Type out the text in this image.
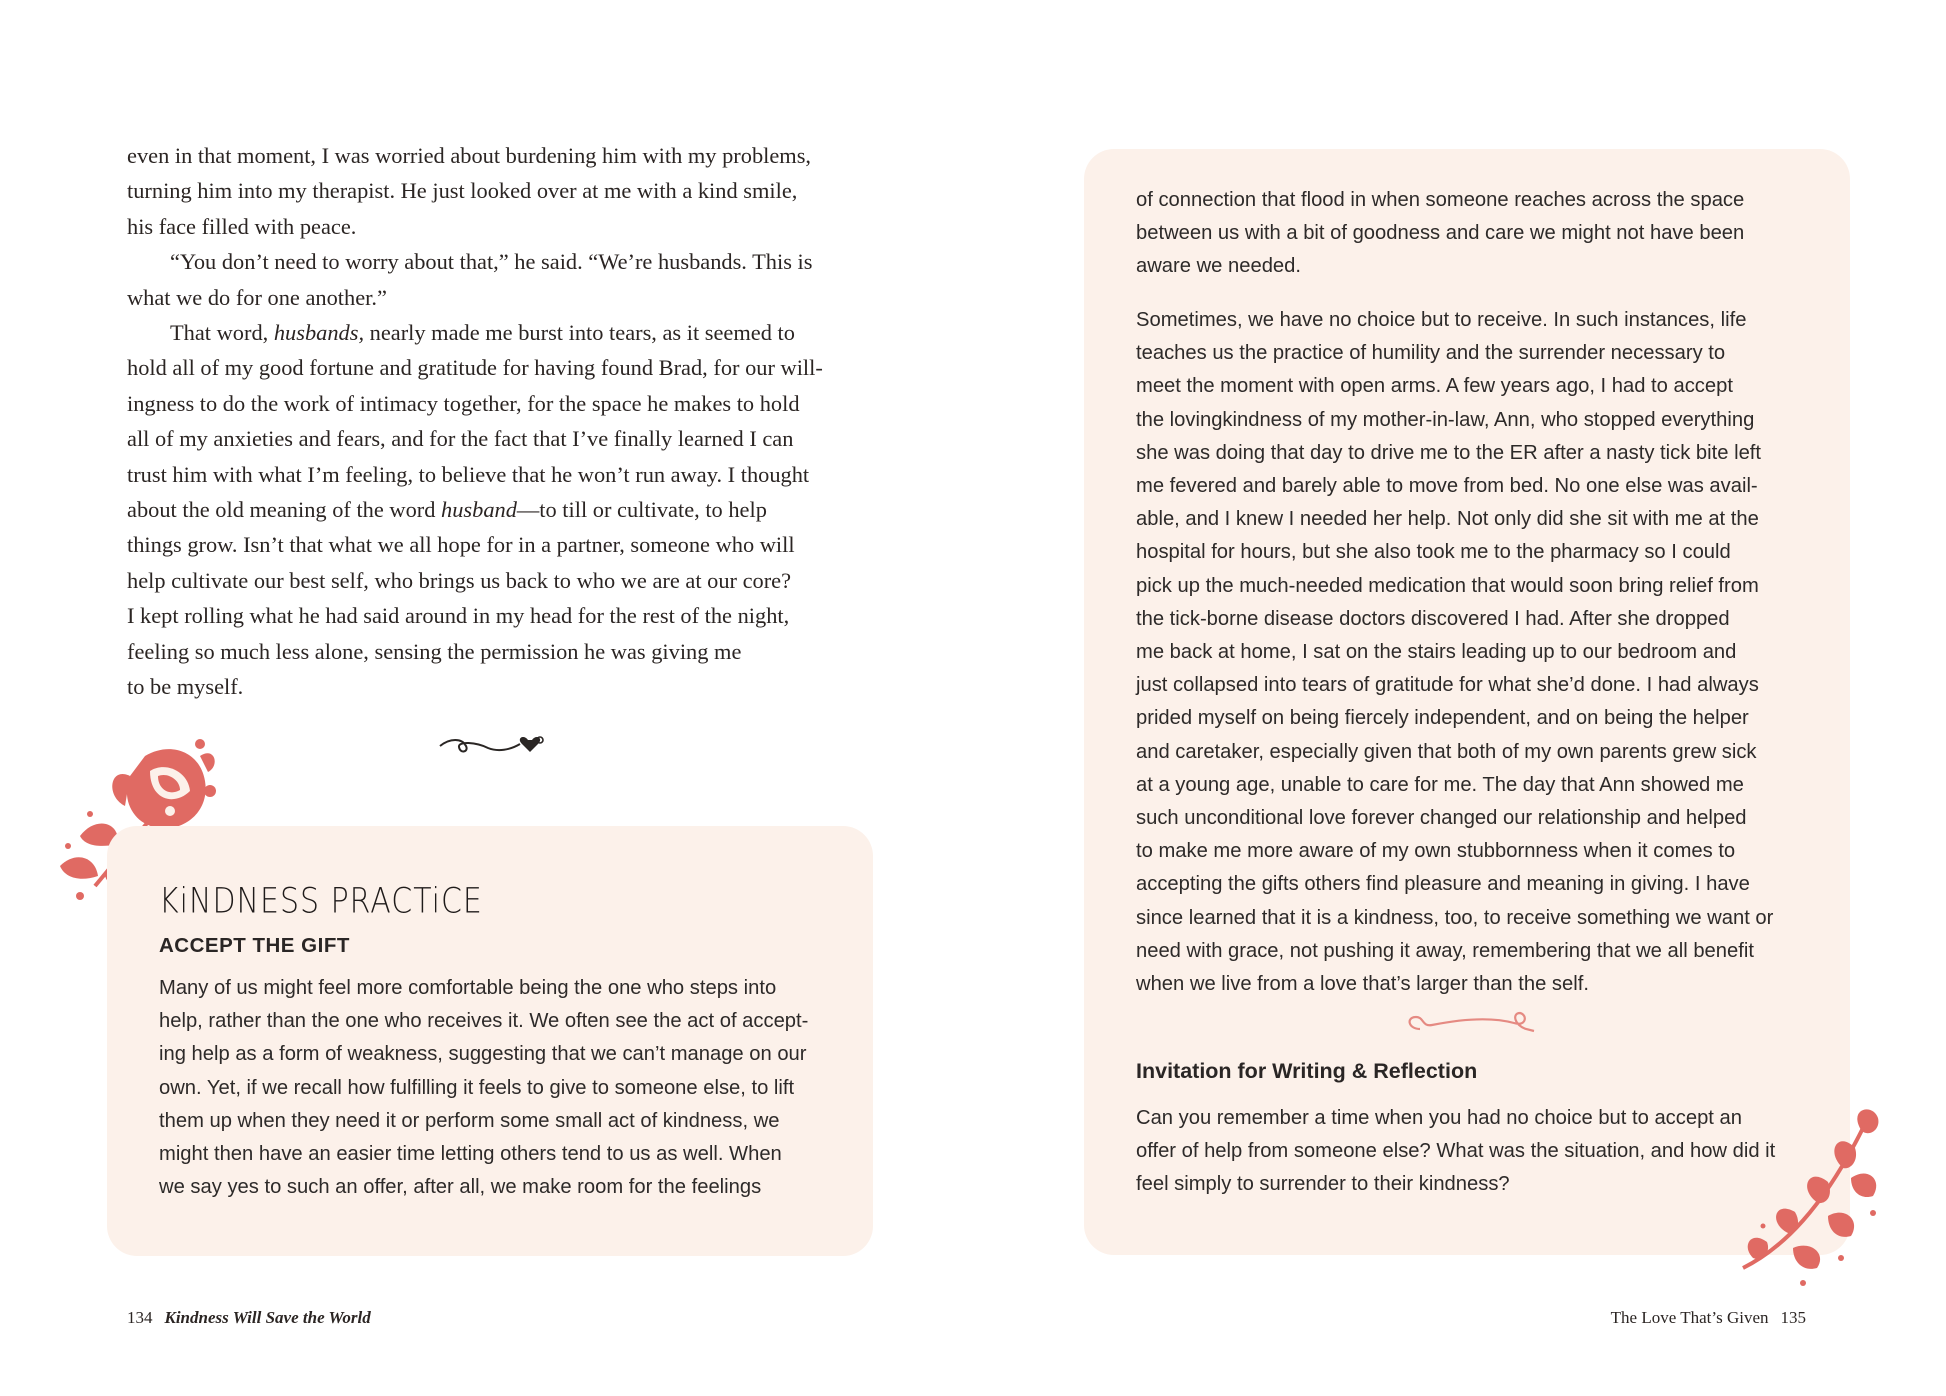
even in that moment, I was worried about burdening him with my problems,
turning him into my therapist. He just looked over at me with a kind smile,
his face filled with peace.
“You don’t need to worry about that,” he said. “We’re husbands. This is
what we do for one another.”
That word, husbands, nearly made me burst into tears, as it seemed to
hold all of my good fortune and gratitude for having found Brad, for our will-
ingness to do the work of intimacy together, for the space he makes to hold
all of my anxieties and fears, and for the fact that I’ve finally learned I can
trust him with what I’m feeling, to believe that he won’t run away. I thought
about the old meaning of the word husband—to till or cultivate, to help
things grow. Isn’t that what we all hope for in a partner, someone who will
help cultivate our best self, who brings us back to who we are at our core?
I kept rolling what he had said around in my head for the rest of the night,
feeling so much less alone, sensing the permission he was giving me
to be myself.
KiNDNESS PRACTiCE
ACCEPT THE GIFT
Many of us might feel more comfortable being the one who steps into
help, rather than the one who receives it. We often see the act of accept-
ing help as a form of weakness, suggesting that we can’t manage on our
own. Yet, if we recall how fulfilling it feels to give to someone else, to lift
them up when they need it or perform some small act of kindness, we
might then have an easier time letting others tend to us as well. When
we say yes to such an offer, after all, we make room for the feelings
134 Kindness Will Save the World
of connection that flood in when someone reaches across the space
between us with a bit of goodness and care we might not have been
aware we needed.
Sometimes, we have no choice but to receive. In such instances, life
teaches us the practice of humility and the surrender necessary to
meet the moment with open arms. A few years ago, I had to accept
the lovingkindness of my mother-in-law, Ann, who stopped everything
she was doing that day to drive me to the ER after a nasty tick bite left
me fevered and barely able to move from bed. No one else was avail-
able, and I knew I needed her help. Not only did she sit with me at the
hospital for hours, but she also took me to the pharmacy so I could
pick up the much-needed medication that would soon bring relief from
the tick-borne disease doctors discovered I had. After she dropped
me back at home, I sat on the stairs leading up to our bedroom and
just collapsed into tears of gratitude for what she’d done. I had always
prided myself on being fiercely independent, and on being the helper
and caretaker, especially given that both of my own parents grew sick
at a young age, unable to care for me. The day that Ann showed me
such unconditional love forever changed our relationship and helped
to make me more aware of my own stubbornness when it comes to
accepting the gifts others find pleasure and meaning in giving. I have
since learned that it is a kindness, too, to receive something we want or
need with grace, not pushing it away, remembering that we all benefit
when we live from a love that’s larger than the self.
Invitation for Writing & Reflection
Can you remember a time when you had no choice but to accept an
offer of help from someone else? What was the situation, and how did it
feel simply to surrender to their kindness?
The Love That’s Given 135
